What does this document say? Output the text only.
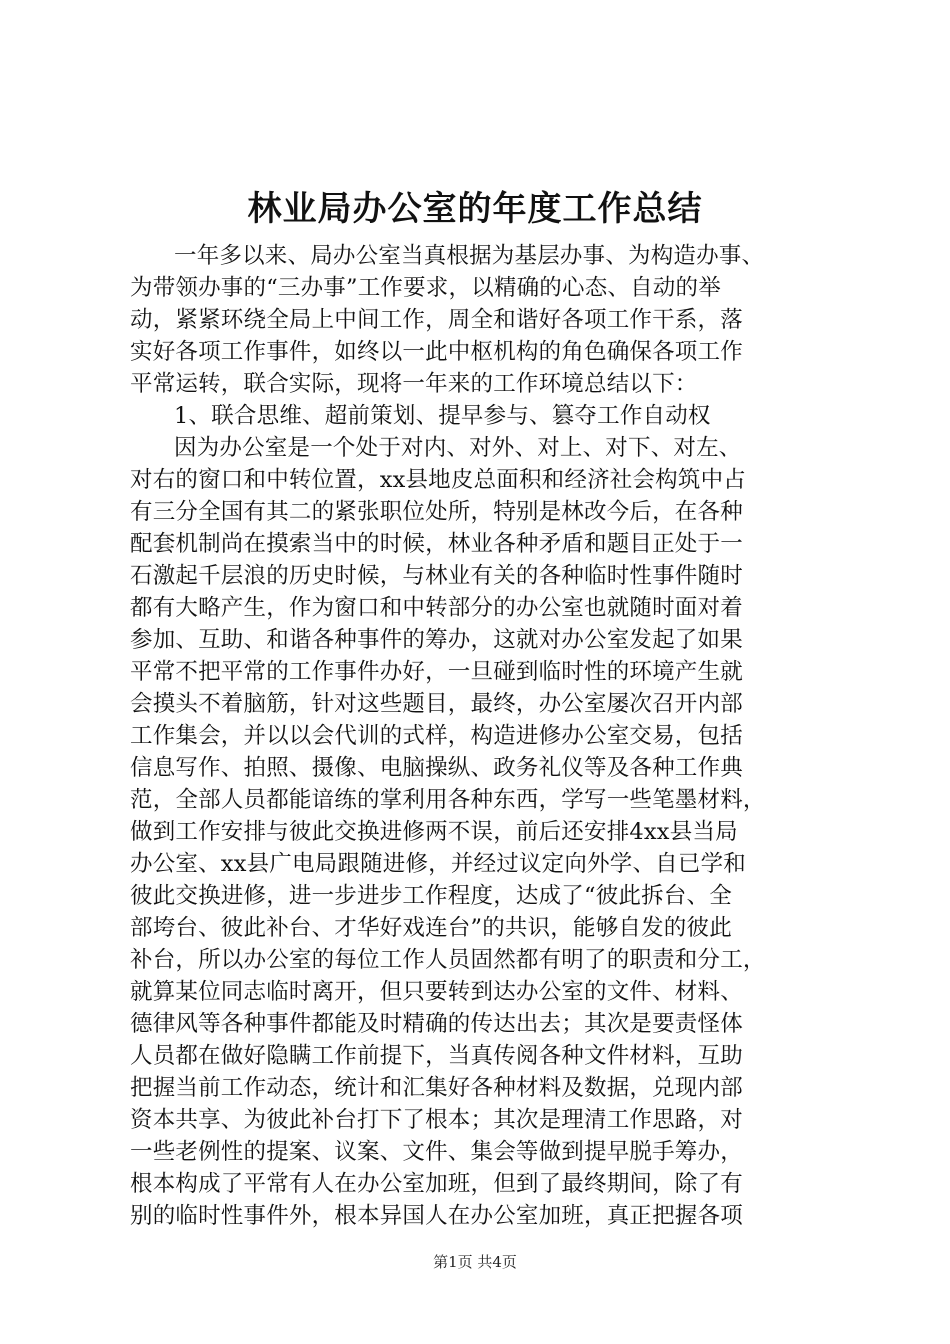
林业局办公室的年度工作总结
一年多以来、局办公室当真根据为基层办事、为构造办事、
为带领办事的“三办事”工作要求，以精确的心态、自动的举
动，紧紧环绕全局上中间工作，周全和谐好各项工作干系，落
实好各项工作事件，如终以一此中枢机构的角色确保各项工作
平常运转，联合实际，现将一年来的工作环境总结以下：
1、联合思维、超前策划、提早参与、篡夺工作自动权
因为办公室是一个处于对内、对外、对上、对下、对左、
对右的窗口和中转位置，xx县地皮总面积和经济社会构筑中占
有三分全国有其二的紧张职位处所，特别是林改今后，在各种
配套机制尚在摸索当中的时候，林业各种矛盾和题目正处于一
石激起千层浪的历史时候，与林业有关的各种临时性事件随时
都有大略产生，作为窗口和中转部分的办公室也就随时面对着
参加、互助、和谐各种事件的筹办，这就对办公室发起了如果
平常不把平常的工作事件办好，一旦碰到临时性的环境产生就
会摸头不着脑筋，针对这些题目，最终，办公室屡次召开内部
工作集会，并以以会代训的式样，构造进修办公室交易，包括
信息写作、拍照、摄像、电脑操纵、政务礼仪等及各种工作典
范，全部人员都能谙练的掌利用各种东西，学写一些笔墨材料，
做到工作安排与彼此交换进修两不误，前后还安排4xx县当局
办公室、xx县广电局跟随进修，并经过议定向外学、自已学和
彼此交换进修，进一步进步工作程度，达成了“彼此拆台、全
部垮台、彼此补台、才华好戏连台”的共识，能够自发的彼此
补台，所以办公室的每位工作人员固然都有明了的职责和分工，
就算某位同志临时离开，但只要转到达办公室的文件、材料、
德律风等各种事件都能及时精确的传达出去；其次是要责怪体
人员都在做好隐瞒工作前提下，当真传阅各种文件材料，互助
把握当前工作动态，统计和汇集好各种材料及数据，兑现内部
资本共享、为彼此补台打下了根本；其次是理清工作思路，对
一些老例性的提案、议案、文件、集会等做到提早脱手筹办，
根本构成了平常有人在办公室加班，但到了最终期间，除了有
别的临时性事件外，根本异国人在办公室加班，真正把握各项
第1页 共4页
